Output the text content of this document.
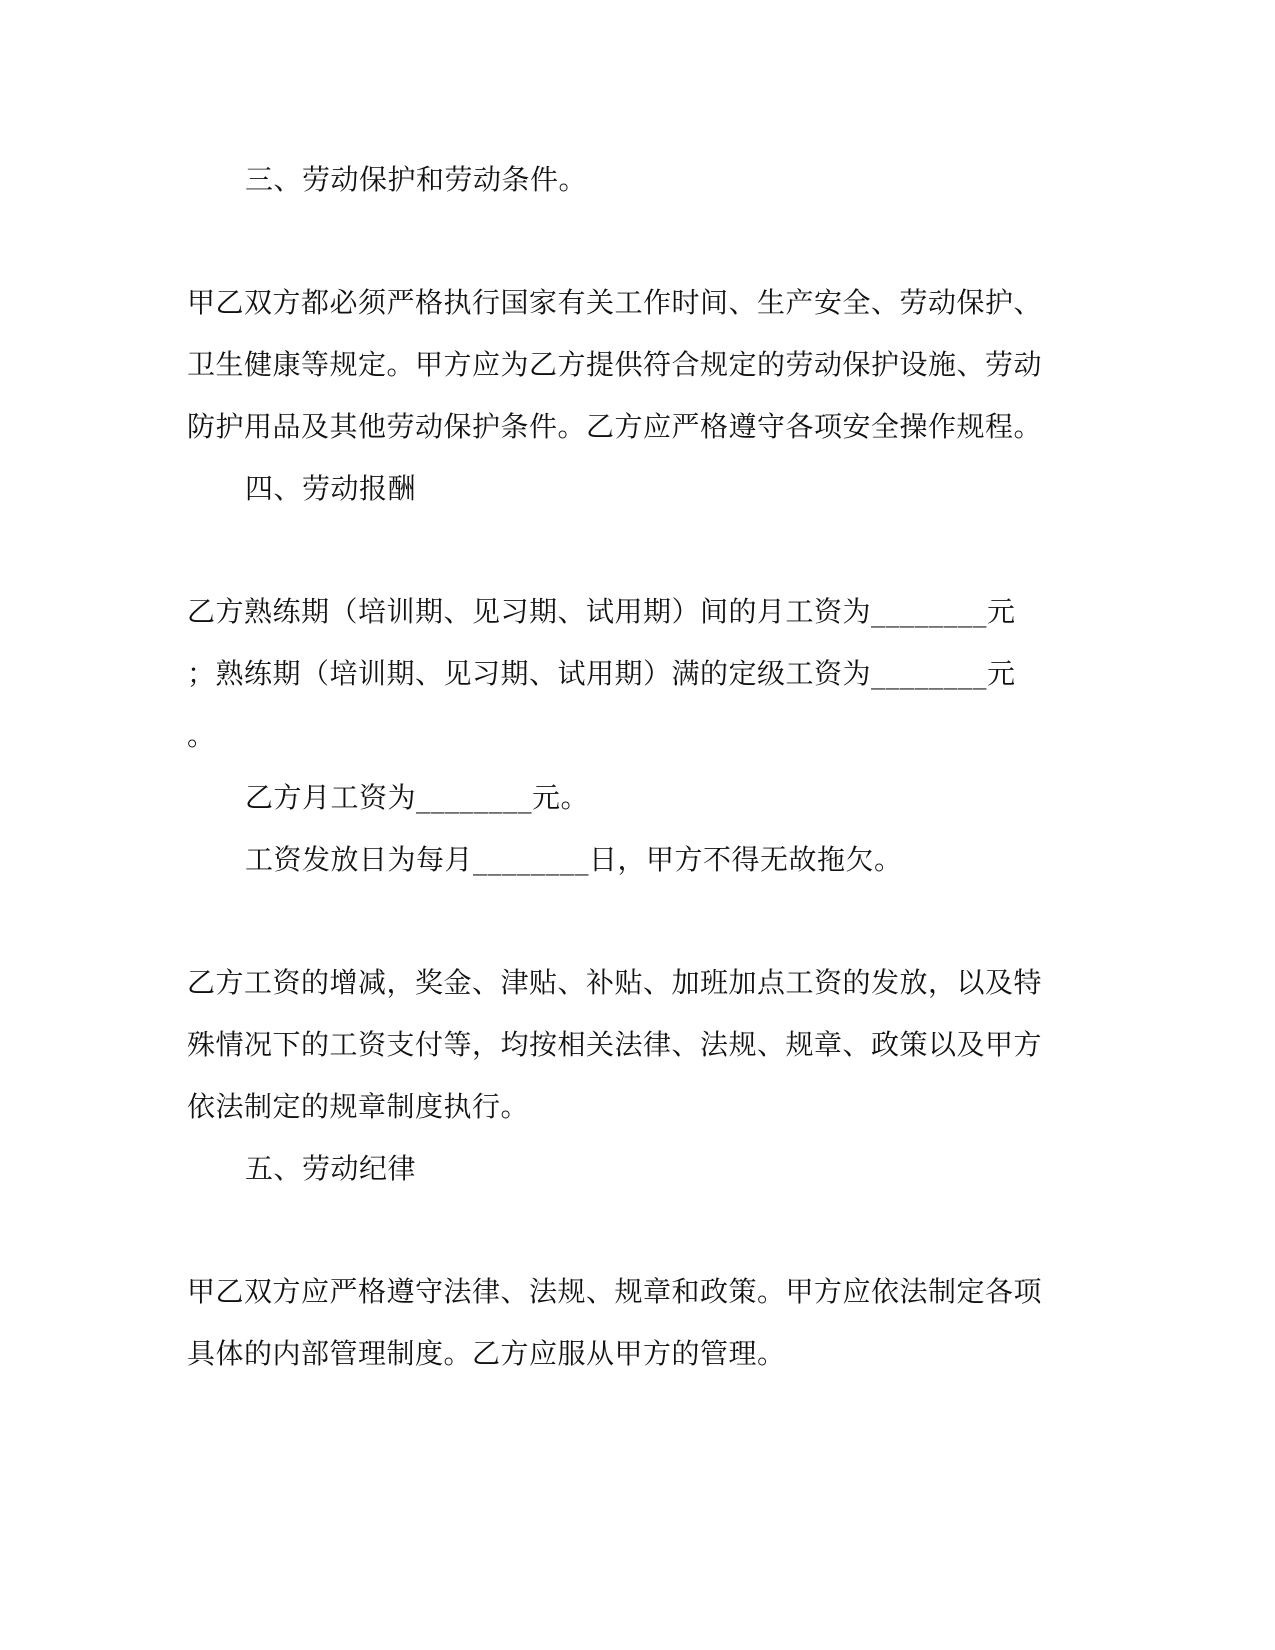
三、劳动保护和劳动条件。
甲乙双方都必须严格执行国家有关工作时间、生产安全、劳动保护、
卫生健康等规定。甲方应为乙方提供符合规定的劳动保护设施、劳动
防护用品及其他劳动保护条件。乙方应严格遵守各项安全操作规程。
四、劳动报酬
乙方熟练期（培训期、见习期、试用期）间的月工资为________元
；熟练期（培训期、见习期、试用期）满的定级工资为________元
。
乙方月工资为________元。
工资发放日为每月________日，甲方不得无故拖欠。
乙方工资的增减，奖金、津贴、补贴、加班加点工资的发放，以及特
殊情况下的工资支付等，均按相关法律、法规、规章、政策以及甲方
依法制定的规章制度执行。
五、劳动纪律
甲乙双方应严格遵守法律、法规、规章和政策。甲方应依法制定各项
具体的内部管理制度。乙方应服从甲方的管理。
